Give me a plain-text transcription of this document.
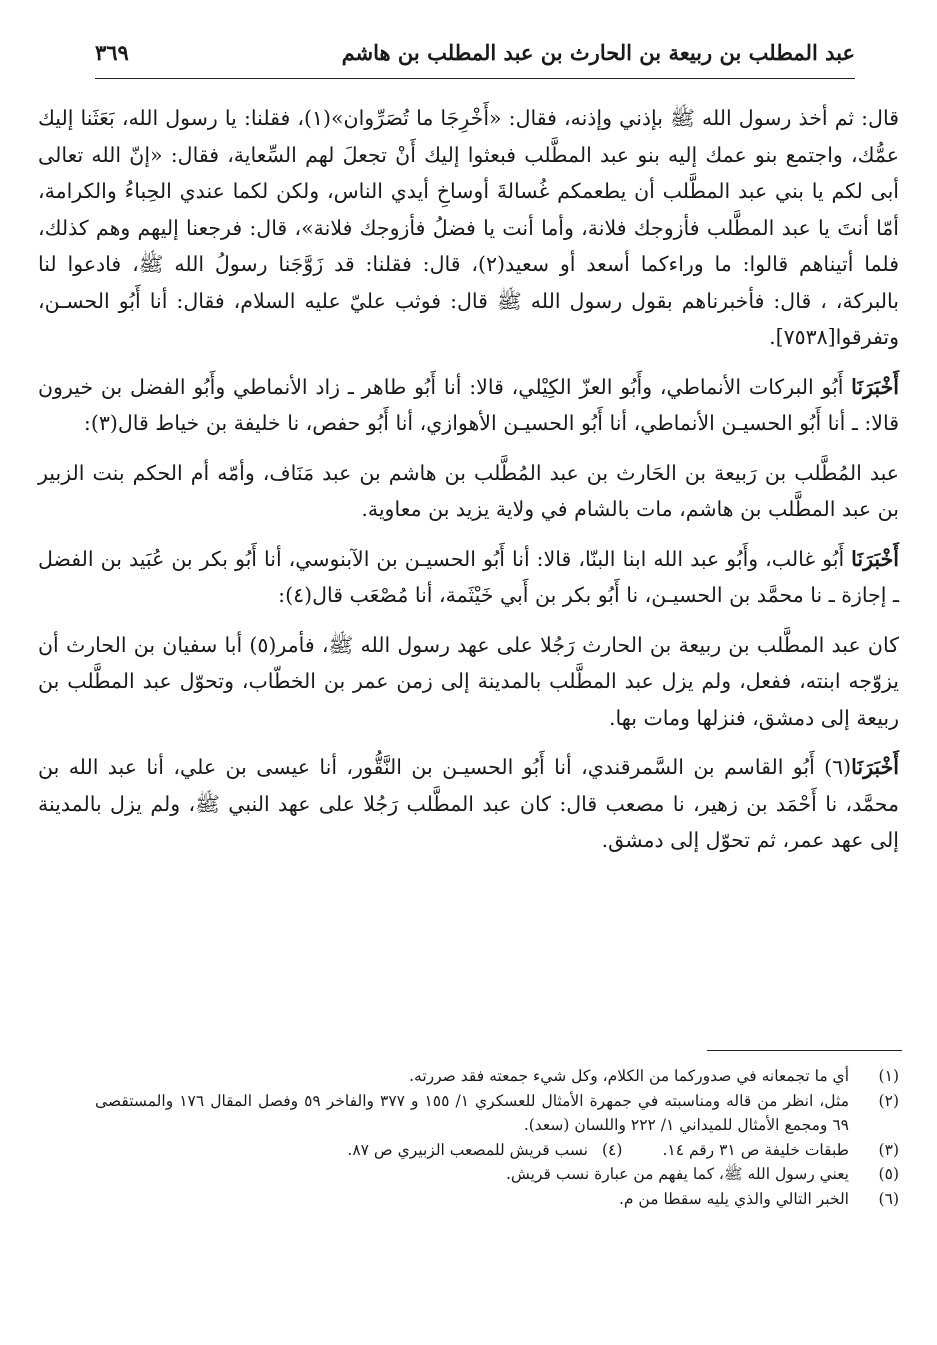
عبد المطلب بن ربيعة بن الحارث بن عبد المطلب بن هاشم
٣٦٩

قال: ثم أخذ رسول الله ﷺ بإذني وإذنه، فقال: «أَخْرِجَا ما تُصَرِّوان»(١)، فقلنا: يا رسول الله، بَعَثَنا إليك عمُّك، واجتمع بنو عمك إليه بنو عبد المطَّلب فبعثوا إليك أَنْ تجعلَ لهم السِّعاية، فقال: «إنّ الله تعالى أبى لكم يا بني عبد المطَّلب أن يطعمكم غُسالةَ أوساخِ أيدي الناس، ولكن لكما عندي الحِباءُ والكرامة، أمّا أنتَ يا عبد المطَّلب فأزوجك فلانة، وأما أنت يا فضلُ فأزوجك فلانة»، قال: فرجعنا إليهم وهم كذلك، فلما أتيناهم قالوا: ما وراءكما أسعد أو سعيد(٢)، قال: فقلنا: قد زَوَّجَنا رسولُ الله ﷺ، فادعوا لنا بالبركة، ، قال: فأخبرناهم بقول رسول الله ﷺ قال: فوثب عليّ عليه السلام، فقال: أنا أَبُو الحسـن، وتفرقوا[٧٥٣٨].

أَخْبَرَنَا أَبُو البركات الأنماطي، وأَبُو العزّ الكِيْلي، قالا: أنا أَبُو طاهر ـ زاد الأنماطي وأَبُو الفضل بن خيرون قالا: ـ أنا أَبُو الحسيـن الأنماطي، أنا أَبُو الحسيـن الأهوازي، أنا أَبُو حفص، نا خليفة بن خياط قال(٣):

عبد المُطَّلب بن رَبيعة بن الحَارث بن عبد المُطَّلب بن هاشم بن عبد مَنَاف، وأمّه أم الحكم بنت الزبير بن عبد المطَّلب بن هاشم، مات بالشام في ولاية يزيد بن معاوية.

أَخْبَرَنَا أَبُو غالب، وأَبُو عبد الله ابنا البنّا، قالا: أنا أَبُو الحسيـن بن الآبنوسي، أنا أَبُو بكر بن عُبَيد بن الفضل ـ إجازة ـ نا محمَّد بن الحسيـن، نا أَبُو بكر بن أَبي خَيْثَمة، أنا مُصْعَب قال(٤):

كان عبد المطَّلب بن ربيعة بن الحارث رَجُلا على عهد رسول الله ﷺ، فأمر(٥) أبا سفيان بن الحارث أن يزوّجه ابنته، ففعل، ولم يزل عبد المطَّلب بالمدينة إلى زمن عمر بن الخطّاب، وتحوّل عبد المطَّلب بن ربيعة إلى دمشق، فنزلها ومات بها.

أَخْبَرَنَا(٦) أَبُو القاسم بن السَّمرقندي، أنا أَبُو الحسيـن بن النَّقُّور، أنا عيسى بن علي، أنا عبد الله بن محمَّد، نا أَحْمَد بن زهير، نا مصعب قال: كان عبد المطَّلب رَجُلا على عهد النبي ﷺ، ولم يزل بالمدينة إلى عهد عمر، ثم تحوّل إلى دمشق.

(١)
أي ما تجمعانه في صدوركما من الكلام، وكل شيء جمعته فقد صررته.
(٢)
مثل، انظر من قاله ومناسبته في جمهرة الأمثال للعسكري ١/ ١٥٥ و ٣٧٧ والفاخر ٥٩ وفصل المقال ١٧٦ والمستقصى ٦٩ ومجمع الأمثال للميداني ١/ ٢٢٢ واللسان (سعد).
(٣)
طبقات خليفة ص ٣١ رقم ١٤.
(٤)
نسب قريش للمصعب الزبيري ص ٨٧.
(٥)
يعني رسول الله ﷺ، كما يفهم من عبارة نسب قريش.
(٦)
الخبر التالي والذي يليه سقطا من م.
